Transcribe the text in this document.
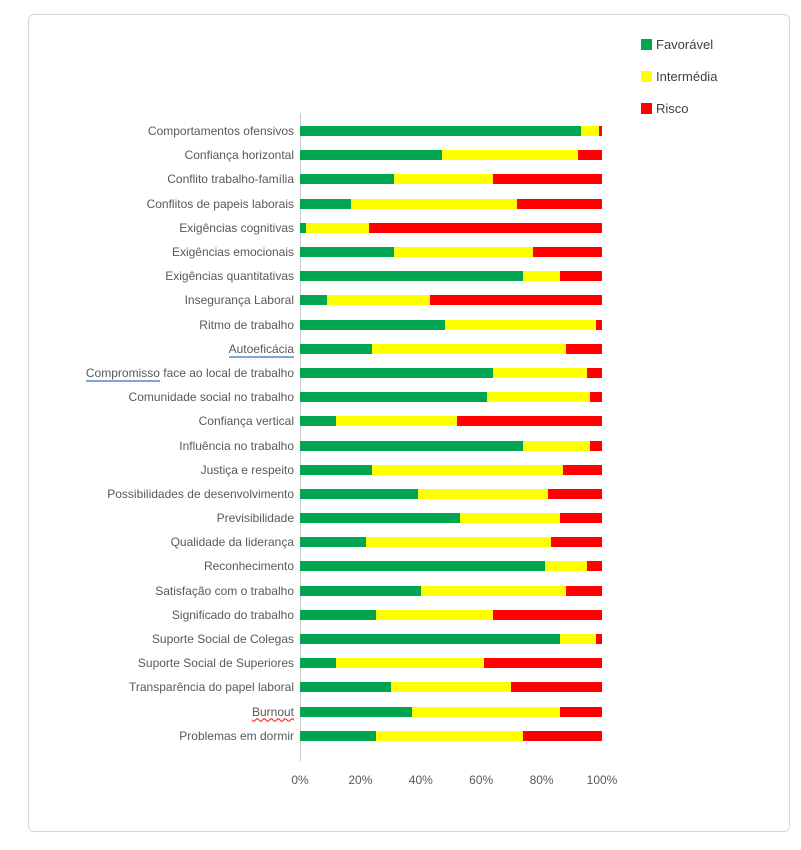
Favorável
Intermédia
Risco
Comportamentos ofensivos
Confiança horizontal
Conflito trabalho-família
Conflitos de papeis laborais
Exigências cognitivas
Exigências emocionais
Exigências quantitativas
Insegurança Laboral
Ritmo de trabalho
Autoeficácia
Compromisso face ao local de trabalho
Comunidade social no trabalho
Confiança vertical
Influência no trabalho
Justiça e respeito
Possibilidades de desenvolvimento
Previsibilidade
Qualidade da liderança
Reconhecimento
Satisfação com o trabalho
Significado do trabalho
Suporte Social de Colegas
Suporte Social de Superiores
Transparência do papel laboral
Burnout
Problemas em dormir
0%	20%	40%	60%	80%	100%
